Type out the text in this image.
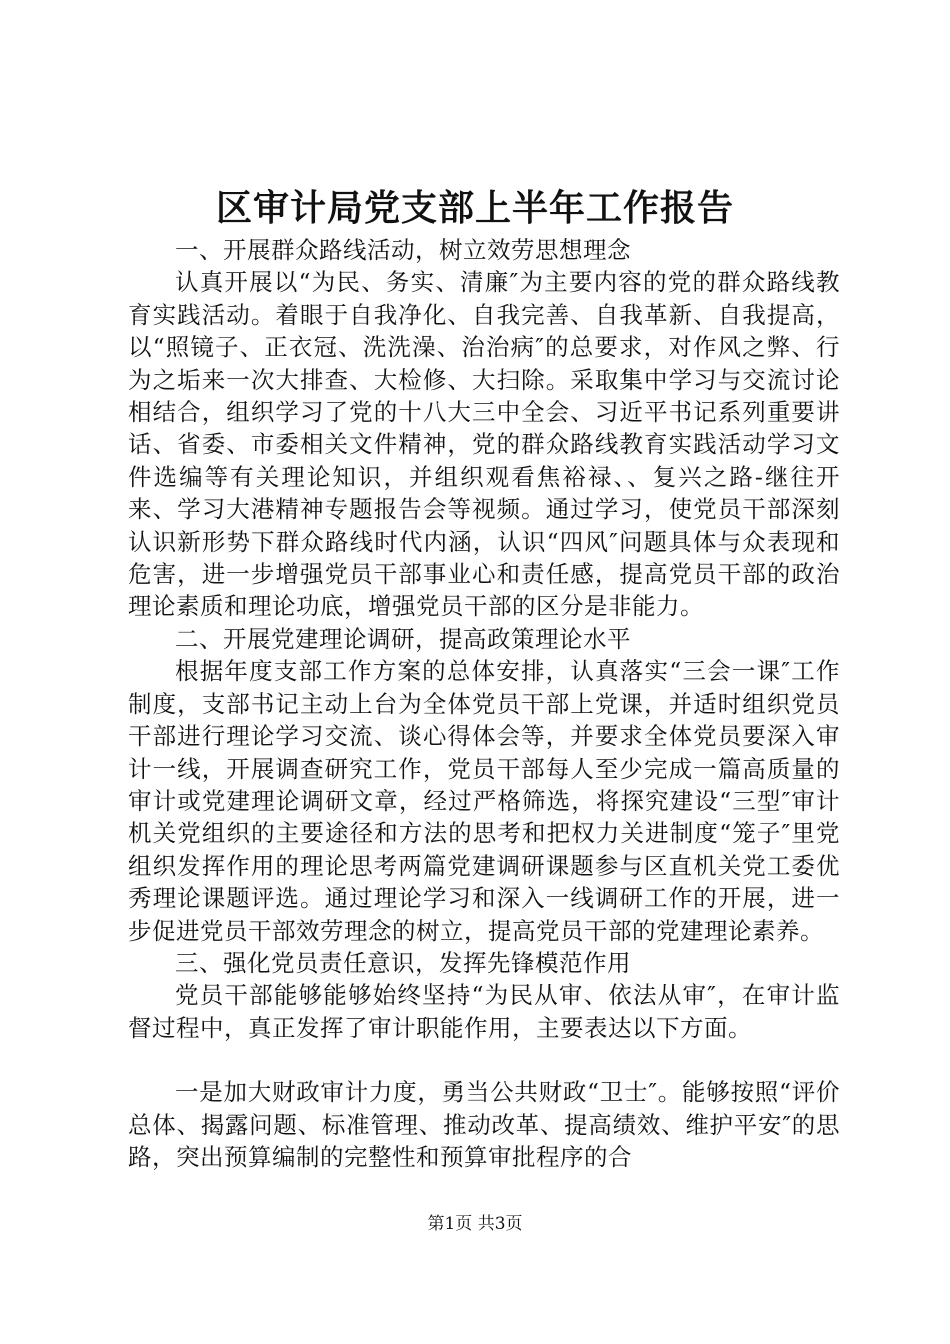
区审计局党支部上半年工作报告

一、开展群众路线活动，树立效劳思想理念

认真开展以“为民、务实、清廉″为主要内容的党的群众路线教育实践活动。着眼于自我净化、自我完善、自我革新、自我提高，以“照镜子、正衣冠、洗洗澡、治治病″的总要求，对作风之弊、行为之垢来一次大排查、大检修、大扫除。采取集中学习与交流讨论相结合，组织学习了党的十八大三中全会、习近平书记系列重要讲话、省委、市委相关文件精神，党的群众路线教育实践活动学习文件选编等有关理论知识，并组织观看焦裕禄、、复兴之路-继往开来、学习大港精神专题报告会等视频。通过学习，使党员干部深刻认识新形势下群众路线时代内涵，认识“四风″问题具体与众表现和危害，进一步增强党员干部事业心和责任感，提高党员干部的政治理论素质和理论功底，增强党员干部的区分是非能力。

二、开展党建理论调研，提高政策理论水平

根据年度支部工作方案的总体安排，认真落实“三会一课″工作制度，支部书记主动上台为全体党员干部上党课，并适时组织党员干部进行理论学习交流、谈心得体会等，并要求全体党员要深入审计一线，开展调查研究工作，党员干部每人至少完成一篇高质量的审计或党建理论调研文章，经过严格筛选，将探究建设“三型″审计机关党组织的主要途径和方法的思考和把权力关进制度“笼子″里党组织发挥作用的理论思考两篇党建调研课题参与区直机关党工委优秀理论课题评选。通过理论学习和深入一线调研工作的开展，进一步促进党员干部效劳理念的树立，提高党员干部的党建理论素养。

三、强化党员责任意识，发挥先锋模范作用

党员干部能够能够始终坚持“为民从审、依法从审″，在审计监督过程中，真正发挥了审计职能作用，主要表达以下方面。

一是加大财政审计力度，勇当公共财政“卫士″。能够按照“评价总体、揭露问题、标准管理、推动改革、提高绩效、维护平安″的思路，突出预算编制的完整性和预算审批程序的合

第1页 共3页
